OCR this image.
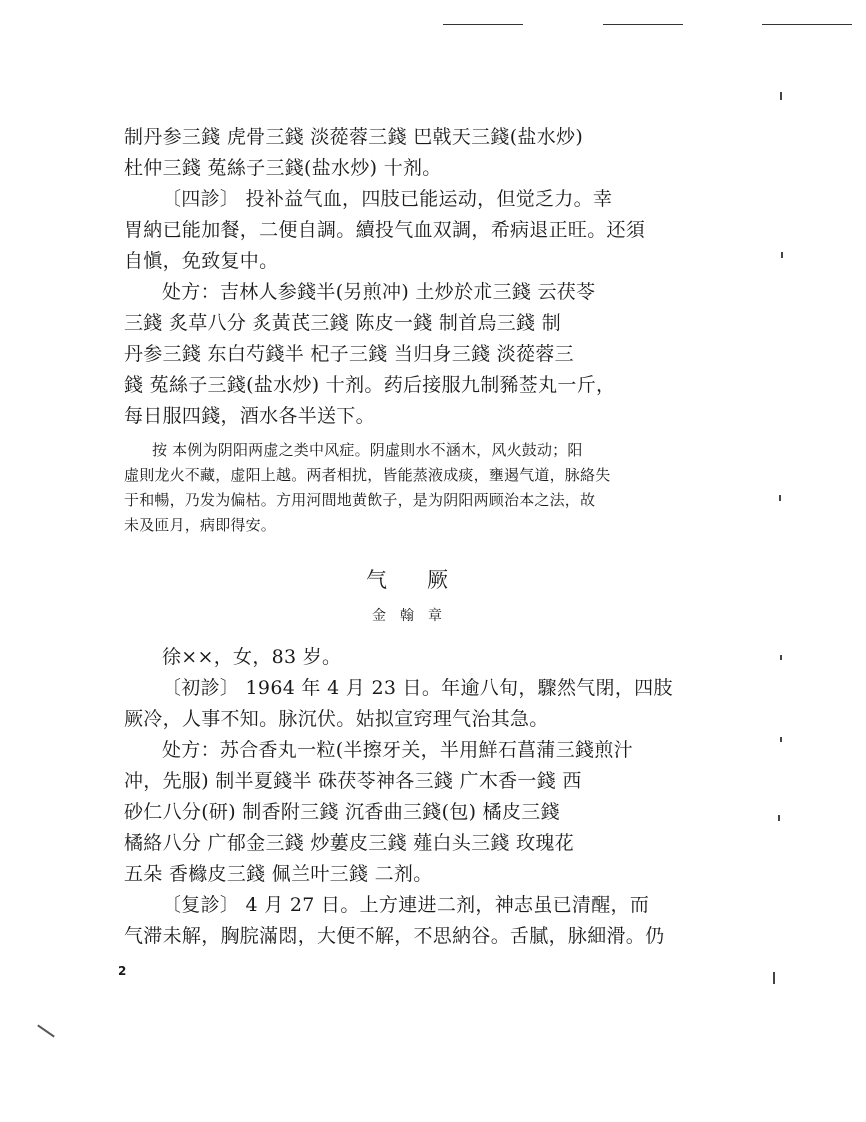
制丹参三錢 虎骨三錢 淡蓯蓉三錢 巴戟天三錢(盐水炒)
杜仲三錢 菟絲子三錢(盐水炒) 十剂。
〔四診〕 投补益气血，四肢已能运动，但觉乏力。幸
胃納已能加餐，二便自調。續投气血双調，希病退正旺。还須
自愼，免致复中。
处方：吉林人参錢半(另煎冲) 土炒於朮三錢 云茯苓
三錢 炙草八分 炙黃芪三錢 陈皮一錢 制首烏三錢 制
丹参三錢 东白芍錢半 杞子三錢 当归身三錢 淡蓯蓉三
錢 菟絲子三錢(盐水炒) 十剂。药后接服九制豨莶丸一斤，
每日服四錢，酒水各半送下。
按 本例为阴阳两虚之类中风症。阴虛則水不涵木，风火鼓动；阳
虛則龙火不藏，虚阳上越。两者相扰，皆能蒸液成痰，壅遏气道，脉絡失
于和暢，乃发为偏枯。方用河間地黄飲子，是为阴阳两顾治本之法，故
未及匝月，病即得安。
气厥
金翰章
徐××，女，83 岁。
〔初診〕 1964 年 4 月 23 日。年逾八旬，驟然气閉，四肢
厥冷，人事不知。脉沉伏。姑拟宣窍理气治其急。
处方：苏合香丸一粒(半擦牙关，半用鮮石菖蒲三錢煎汁
冲，先服) 制半夏錢半 硃茯苓神各三錢 广木香一錢 西
砂仁八分(研) 制香附三錢 沉香曲三錢(包) 橘皮三錢
橘絡八分 广郁金三錢 炒蔞皮三錢 薤白头三錢 玫瑰花
五朵 香櫞皮三錢 佩兰叶三錢 二剂。
〔复診〕 4 月 27 日。上方連进二剂，神志虽已清醒，而
气滞未解，胸脘滿悶，大便不解，不思納谷。舌膩，脉細滑。仍
2
